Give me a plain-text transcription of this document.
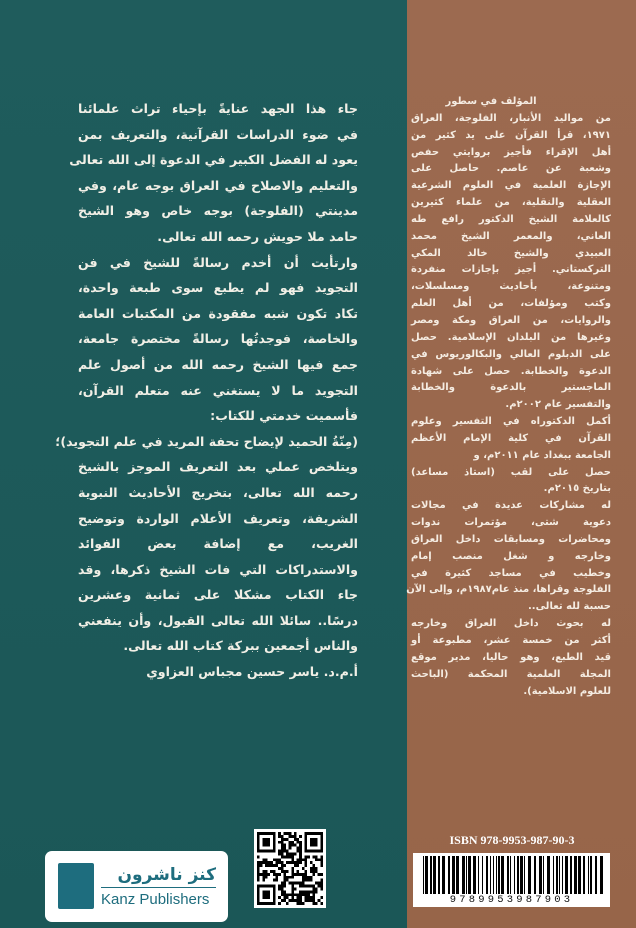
جاء هذا الجهد عنايةً بإحياء تراث علمائنا
في ضوء الدراسات القرآنية، والتعريف بمن
يعود له الفضل الكبير في الدعوة إلى الله تعالى
والتعليم والاصلاح في العراق بوجه عام، وفي
مدينتي (الفلوجة) بوجه خاص وهو الشيخ
حامد ملا حويش رحمه الله تعالى.
وارتأيت أن أخدم رسالةً للشيخ في فن
التجويد فهو لم يطبع سوى طبعة واحدة،
تكاد تكون شبه مفقودة من المكتبات العامة
والخاصة، فوجدتُها رسالةً مختصرة جامعة،
جمع فيها الشيخ رحمه الله من أصول علم
التجويد ما لا يستغني عنه متعلم القرآن،
فأسميت خدمتي للكتاب:
(مِنّةُ الحميد لإيضاح تحفة المريد في علم التجويد)؛
ويتلخص عملي بعد التعريف الموجز بالشيخ
رحمه الله تعالى، بتخريج الأحاديث النبوية
الشريفة، وتعريف الأعلام الواردة وتوضيح
الغريب، مع إضافة بعض الفوائد
والاستدراكات التي فات الشيخ ذكرها، وقد
جاء الكتاب مشكلا على ثمانية وعشرين
درسًا.. سائلا الله تعالى القبول، وأن ينفعني
والناس أجمعين ببركة كتاب الله تعالى.
أ.م.د. ياسر حسين مجباس العزاوي
المؤلف في سطور
من مواليد الأنبار، الفلوجة، العراق
١٩٧١، قرأ القرآن على يد كثير من
أهل الإقراء فأجيز بروايتي حفص
وشعبة عن عاصم. حاصل على
الإجازة العلمية في العلوم الشرعية
العقلية والنقلية، من علماء كثيرين
كالعلامة الشيخ الدكتور رافع طه
العاني، والمعمر الشيخ محمد
العبيدي والشيخ خالد المكي
التركستاني. أجيز بإجازات منفردة
ومتنوعة، بأحاديث ومسلسلات،
وكتب ومؤلفات، من أهل العلم
والروايات، من العراق ومكة ومصر
وغيرها من البلدان الإسلامية. حصل
على الدبلوم العالي والبكالوريوس في
الدعوة والخطابة. حصل على شهادة
الماجستير بالدعوة والخطابة
والتفسير عام ٢٠٠٢م.
أكمل الدكتوراه في التفسير وعلوم
القرآن في كلية الإمام الأعظم
الجامعة ببغداد عام ٢٠١١م، و
حصل على لقب (استاذ مساعد)
بتاريخ ٢٠١٥م.
له مشاركات عديدة في مجالات
دعوية شتى، مؤتمرات ندوات
ومحاضرات ومسابقات داخل العراق
وخارجه و شغل منصب إمام
وخطيب في مساجد كثيرة في
الفلوجة وقراها، منذ عام١٩٨٧م، وإلى الآن
حسبة لله تعالى..
له بحوث داخل العراق وخارجه
أكثر من خمسة عشر، مطبوعة أو
قيد الطبع، وهو حاليا، مدير موقع
المجلة العلمية المحكمة (الباحث
للعلوم الاسلامية).
كنز ناشرون
Kanz Publishers
ISBN 978-9953-987-90-3
9789953987903
